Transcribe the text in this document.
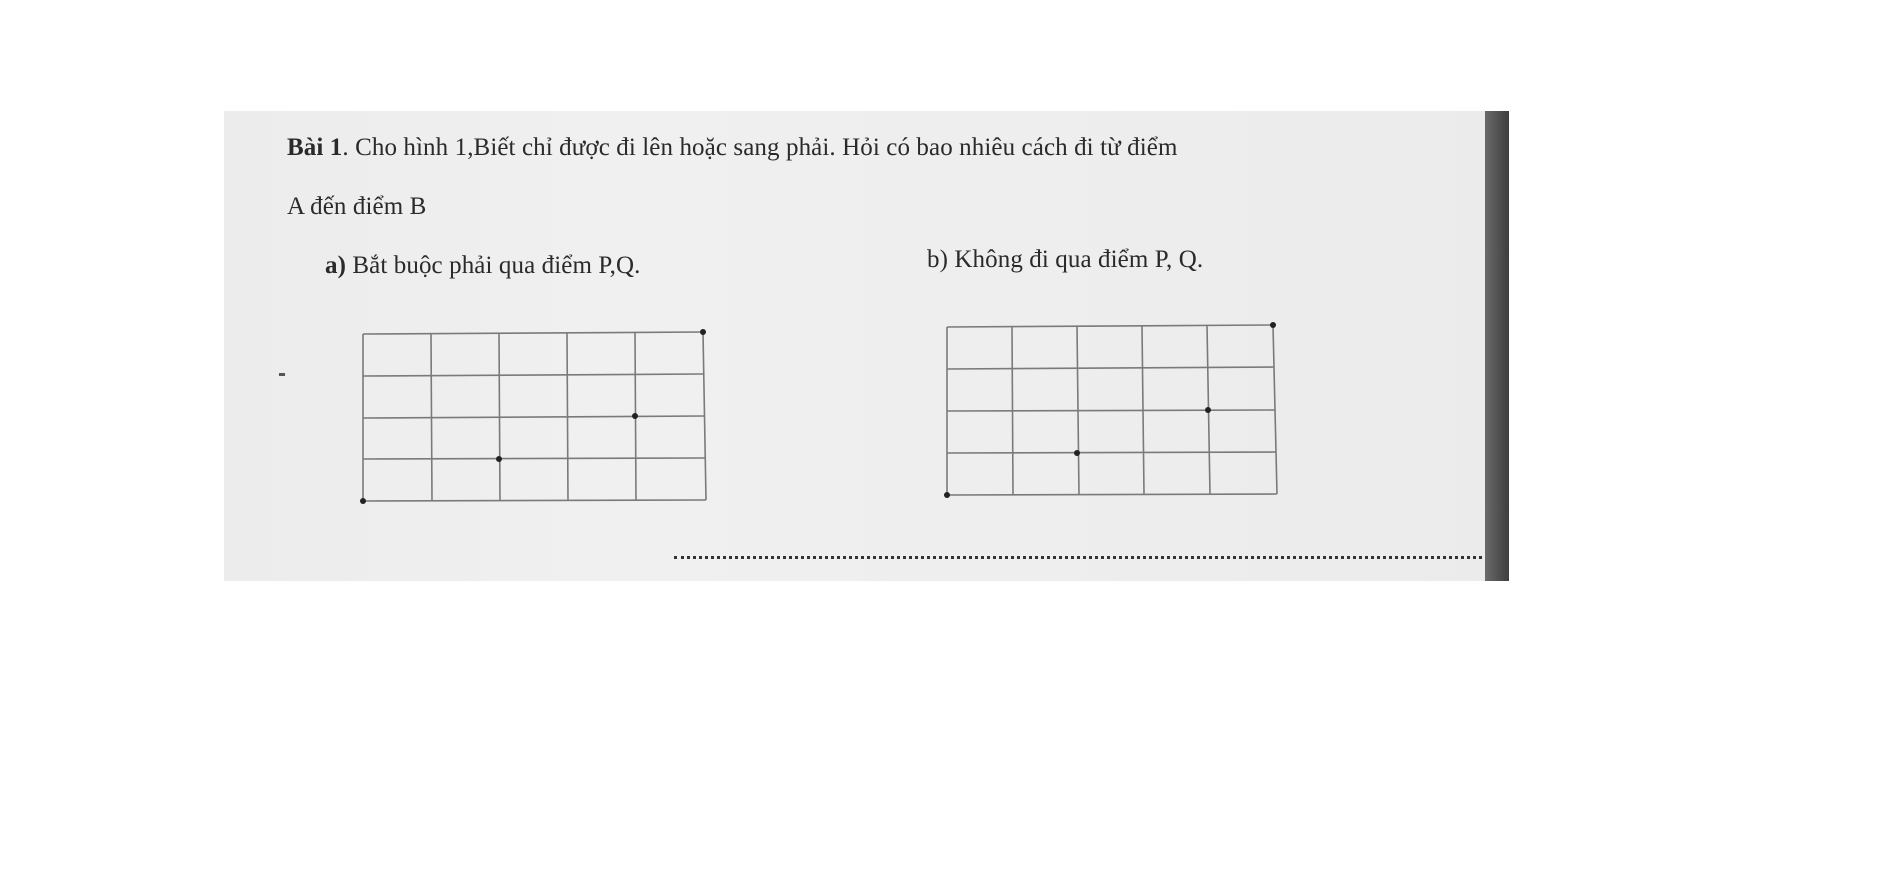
Bài 1. Cho hình 1,Biết chỉ được đi lên hoặc sang phải. Hỏi có bao nhiêu cách đi từ điểm
A đến điểm B
a) Bắt buộc phải qua điểm P,Q.	b) Không đi qua điểm P, Q.
